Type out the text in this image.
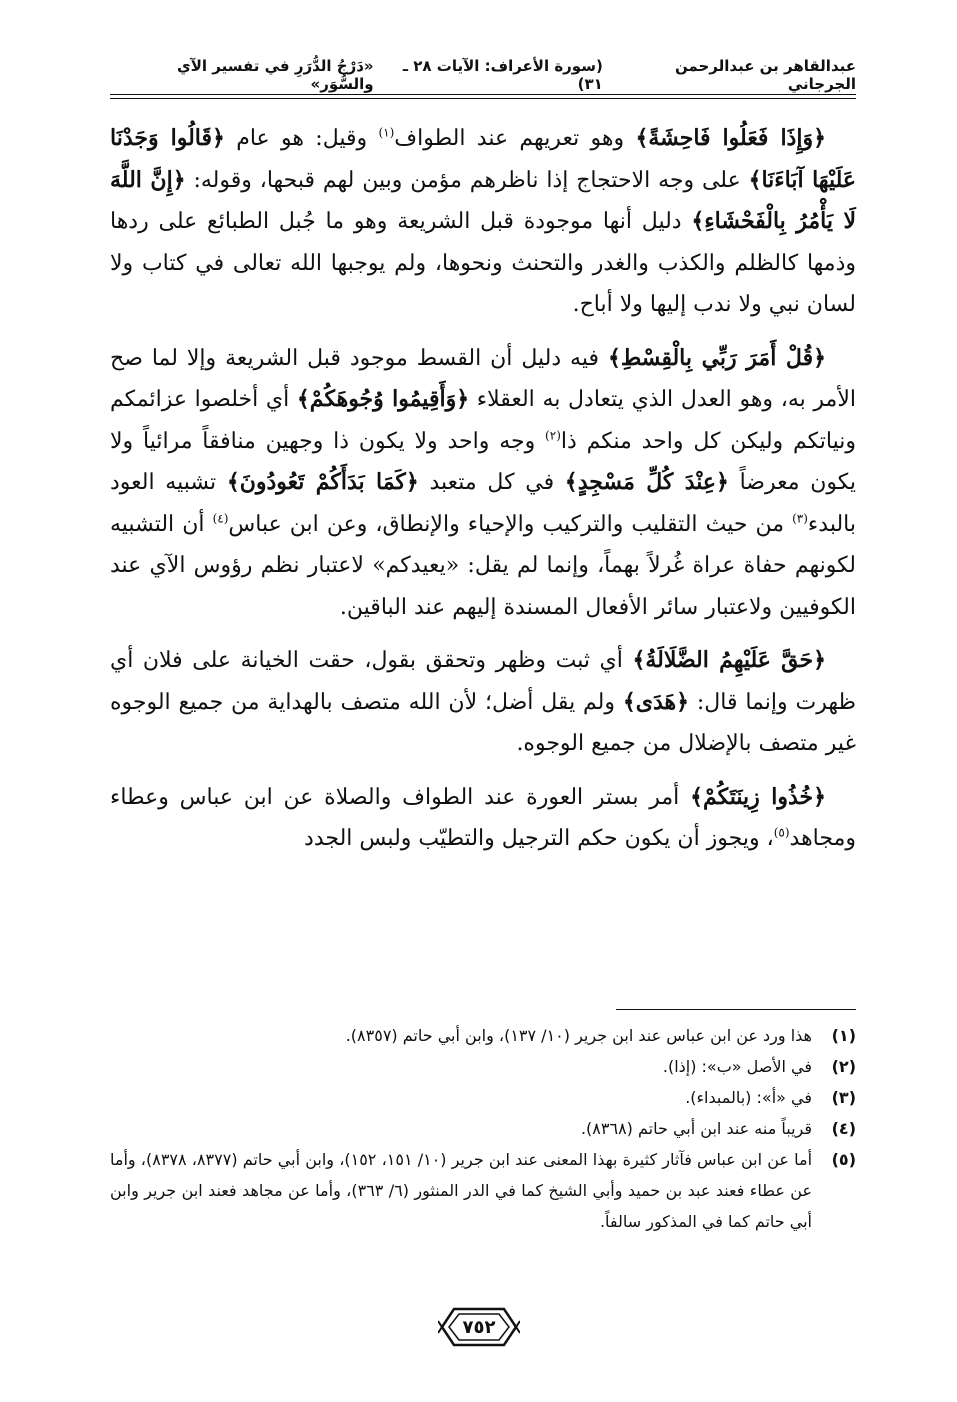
عبدالقاهر بن عبدالرحمن الجرجاني
(سورة الأعراف: الآيات ٢٨ ـ ٣١)
«دَرْجُ الدُّرَرِ في تفسير الآي والسُّوَر»

﴿وَإِذَا فَعَلُوا فَاحِشَةً﴾ وهو تعريهم عند الطواف$^{(١)}$ وقيل: هو عام ﴿قَالُوا وَجَدْنَا عَلَيْهَا آبَاءَنَا﴾ على وجه الاحتجاج إذا ناظرهم مؤمن وبين لهم قبحها، وقوله: ﴿إِنَّ اللَّهَ لَا يَأْمُرُ بِالْفَحْشَاءِ﴾ دليل أنها موجودة قبل الشريعة وهو ما جُبل الطبائع على ردها وذمها كالظلم والكذب والغدر والتحنث ونحوها، ولم يوجبها الله تعالى في كتاب ولا لسان نبي ولا ندب إليها ولا أباح.

﴿قُلْ أَمَرَ رَبِّي بِالْقِسْطِ﴾ فيه دليل أن القسط موجود قبل الشريعة وإلا لما صح الأمر به، وهو العدل الذي يتعادل به العقلاء ﴿وَأَقِيمُوا وُجُوهَكُمْ﴾ أي أخلصوا عزائمكم ونياتكم وليكن كل واحد منكم ذا$^{(٢)}$ وجه واحد ولا يكون ذا وجهين منافقاً مرائياً ولا يكون معرضاً ﴿عِنْدَ كُلِّ مَسْجِدٍ﴾ في كل متعبد ﴿كَمَا بَدَأَكُمْ تَعُودُونَ﴾ تشبيه العود بالبدء$^{(٣)}$ من حيث التقليب والتركيب والإحياء والإنطاق، وعن ابن عباس$^{(٤)}$ أن التشبيه لكونهم حفاة عراة غُرلاً بهماً، وإنما لم يقل: «يعيدكم» لاعتبار نظم رؤوس الآي عند الكوفيين ولاعتبار سائر الأفعال المسندة إليهم عند الباقين.

﴿حَقَّ عَلَيْهِمُ الضَّلَالَةُ﴾ أي ثبت وظهر وتحقق بقول، حقت الخيانة على فلان أي ظهرت وإنما قال: ﴿هَدَى﴾ ولم يقل أضل؛ لأن الله متصف بالهداية من جميع الوجوه غير متصف بالإضلال من جميع الوجوه.

﴿خُذُوا زِينَتَكُمْ﴾ أمر بستر العورة عند الطواف والصلاة عن ابن عباس وعطاء ومجاهد$^{(٥)}$، ويجوز أن يكون حكم الترجيل والتطيّب ولبس الجدد

(١)
هذا ورد عن ابن عباس عند ابن جرير (١٠/ ١٣٧)، وابن أبي حاتم (٨٣٥٧).
(٢)
في الأصل «ب»: (إذا).
(٣)
في «أ»: (بالمبداء).
(٤)
قريباً منه عند ابن أبي حاتم (٨٣٦٨).
(٥)
أما عن ابن عباس فآثار كثيرة بهذا المعنى عند ابن جرير (١٠/ ١٥١، ١٥٢)، وابن أبي حاتم (٨٣٧٧، ٨٣٧٨)، وأما عن عطاء فعند عبد بن حميد وأبي الشيخ كما في الدر المنثور (٦/ ٣٦٣)، وأما عن مجاهد فعند ابن جرير وابن أبي حاتم كما في المذكور سالفاً.
٧٥٢
